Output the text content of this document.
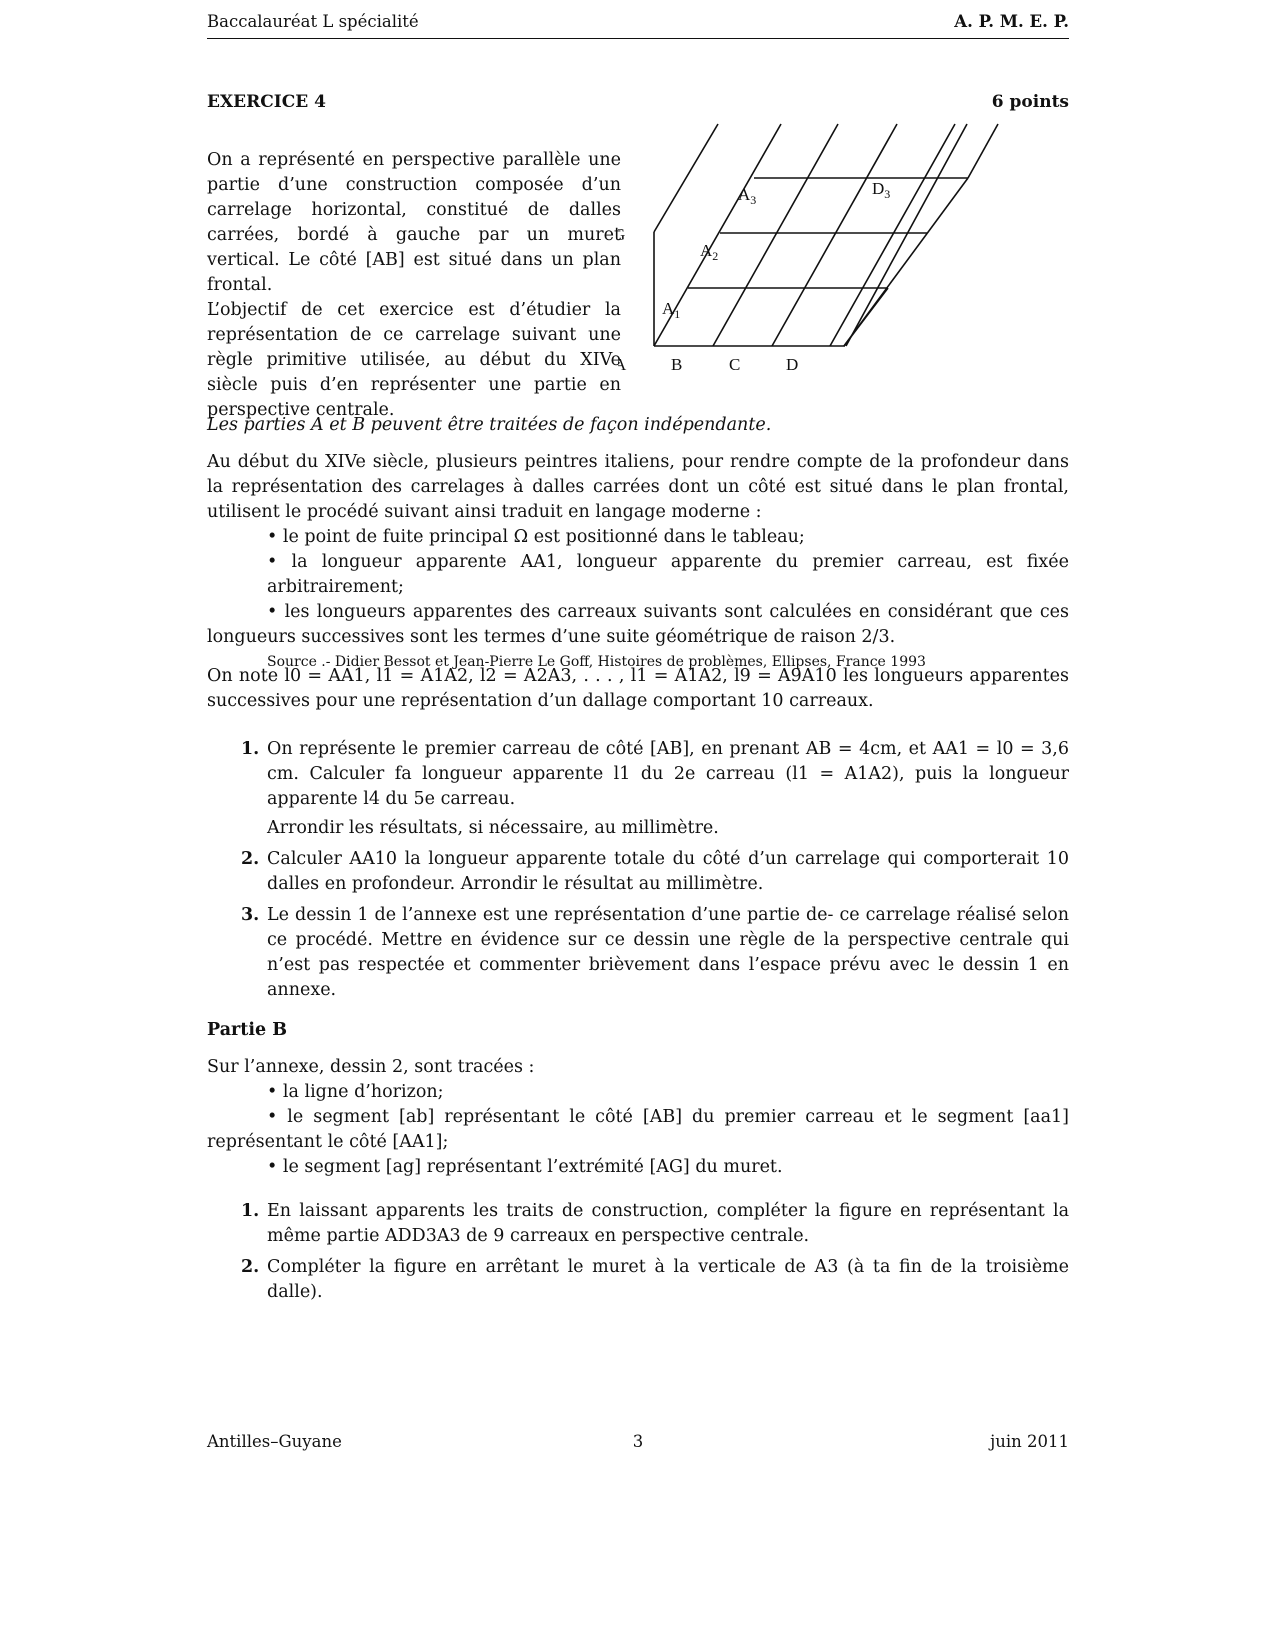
Baccalauréat L spécialité	A. P. M. E. P.
EXERCICE 4	6 points

On a représenté en perspective parallèle une partie d’une construction composée d’un carrelage horizontal, constitué de dalles carrées, bordé à gauche par un muret vertical. Le côté [AB] est situé dans un plan frontal.

L’objectif de cet exercice est d’étudier la représentation de ce carrelage suivant une règle primitive utilisée, au début du XIVe siècle puis d’en représenter une partie en perspective centrale.

G
A	B	C	D
$A_1$
$A_2$
$A_3$
$D_3$
Les parties A et B peuvent être traitées de façon indépendante.

Au début du XIVe siècle, plusieurs peintres italiens, pour rendre compte de la profondeur dans la représentation des carrelages à dalles carrées dont un côté est situé dans le plan frontal, utilisent le procédé suivant ainsi traduit en langage moderne :

• le point de fuite principal Ω est positionné dans le tableau;

• la longueur apparente AA1, longueur apparente du premier carreau, est fixée arbitrairement;

• les longueurs apparentes des carreaux suivants sont calculées en considérant que ces longueurs successives sont les termes d’une suite géométrique de raison 2/3.

Source .- Didier Bessot et Jean-Pierre Le Goff, Histoires de problèmes, Ellipses, France 1993

On note l0 = AA1, l1 = A1A2, l2 = A2A3, . . . , l1 = A1A2, l9 = A9A10 les longueurs apparentes successives pour une représentation d’un dallage comportant 10 carreaux.
1. On représente le premier carreau de côté [AB], en prenant AB = 4cm, et AA1 = l0 = 3,6 cm. Calculer fa longueur apparente l1 du 2e carreau (l1 = A1A2), puis la longueur apparente l4 du 5e carreau.
Arrondir les résultats, si nécessaire, au millimètre.
2. Calculer AA10 la longueur apparente totale du côté d’un carrelage qui comporterait 10 dalles en profondeur. Arrondir le résultat au millimètre.
3. Le dessin 1 de l’annexe est une représentation d’une partie de- ce carrelage réalisé selon ce procédé. Mettre en évidence sur ce dessin une règle de la perspective centrale qui n’est pas respectée et commenter brièvement dans l’espace prévu avec le dessin 1 en annexe.
Partie B

Sur l’annexe, dessin 2, sont tracées :

• la ligne d’horizon;

• le segment [ab] représentant le côté [AB] du premier carreau et le segment [aa1] représentant le côté [AA1];

• le segment [ag] représentant l’extrémité [AG] du muret.

1. En laissant apparents les traits de construction, compléter la figure en représentant la même partie ADD3A3 de 9 carreaux en perspective centrale.
2. Compléter la figure en arrêtant le muret à la verticale de A3 (à ta fin de la troisième dalle).
Antilles–Guyane	3	juin 2011
